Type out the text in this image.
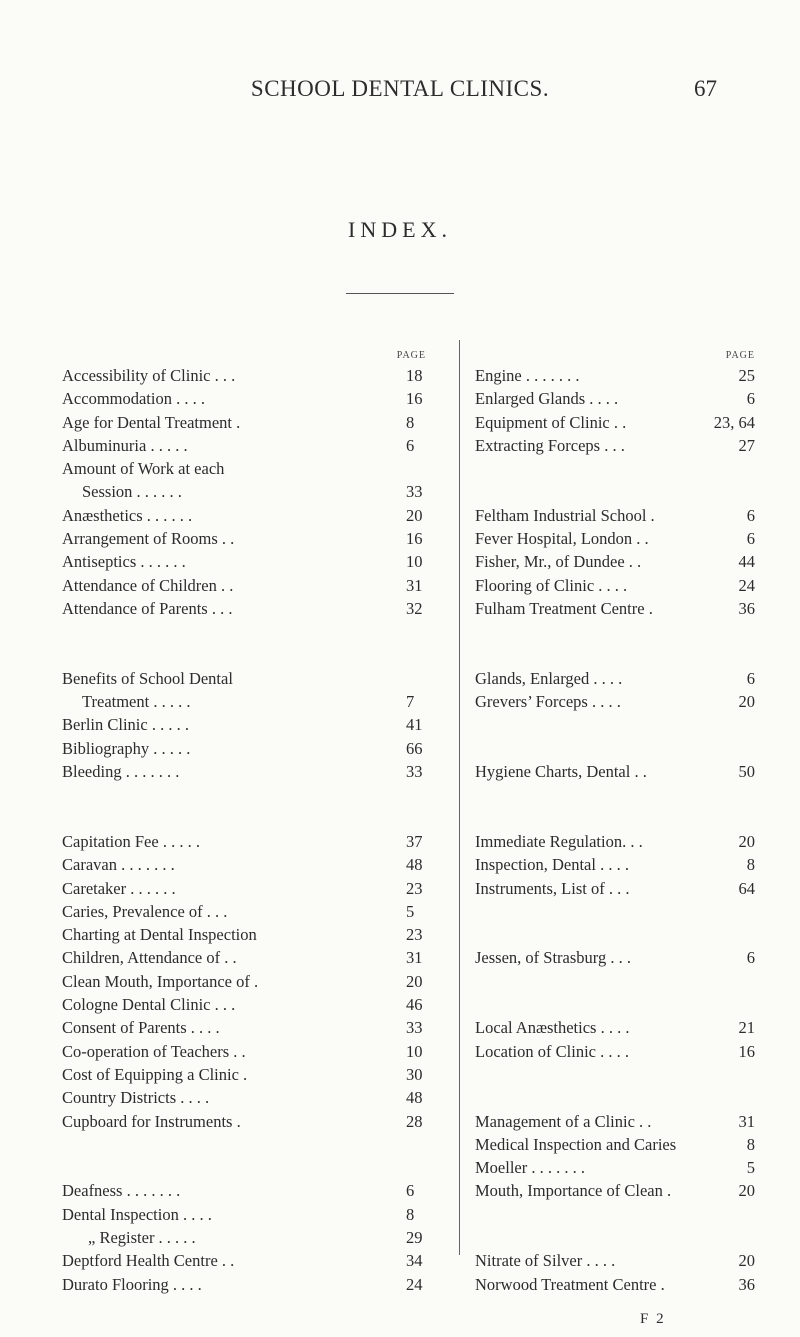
SCHOOL DENTAL CLINICS.	67
INDEX.
PAGE
Accessibility of Clinic . . .	18
Accommodation . . . .	16
Age for Dental Treatment .	8
Albuminuria . . . . .	6
Amount of Work at each
Session . . . . . .	33
Anæsthetics . . . . . .	20
Arrangement of Rooms . .	16
Antiseptics . . . . . .	10
Attendance of Children . .	31
Attendance of Parents . . .	32
Benefits of School Dental
Treatment . . . . .	7
Berlin Clinic . . . . .	41
Bibliography . . . . .	66
Bleeding . . . . . . .	33
Capitation Fee . . . . .	37
Caravan . . . . . . .	48
Caretaker . . . . . .	23
Caries, Prevalence of . . .	5
Charting at Dental Inspection	23
Children, Attendance of . .	31
Clean Mouth, Importance of .	20
Cologne Dental Clinic . . .	46
Consent of Parents . . . .	33
Co-operation of Teachers . .	10
Cost of Equipping a Clinic .	30
Country Districts . . . .	48
Cupboard for Instruments .	28
Deafness . . . . . . .	6
Dental Inspection . . . .	8
„ Register . . . . .	29
Deptford Health Centre . .	34
Durato Flooring . . . .	24
PAGE
Engine . . . . . . .	25
Enlarged Glands . . . .	6
Equipment of Clinic . .	23, 64
Extracting Forceps . . .	27
Feltham Industrial School .	6
Fever Hospital, London . .	6
Fisher, Mr., of Dundee . .	44
Flooring of Clinic . . . .	24
Fulham Treatment Centre .	36
Glands, Enlarged . . . .	6
Grevers’ Forceps . . . .	20
Hygiene Charts, Dental . .	50
Immediate Regulation. . .	20
Inspection, Dental . . . .	8
Instruments, List of . . .	64
Jessen, of Strasburg . . .	6
Local Anæsthetics . . . .	21
Location of Clinic . . . .	16
Management of a Clinic . .	31
Medical Inspection and Caries	8
Moeller . . . . . . .	5
Mouth, Importance of Clean .	20
Nitrate of Silver . . . .	20
Norwood Treatment Centre .	36
F 2
